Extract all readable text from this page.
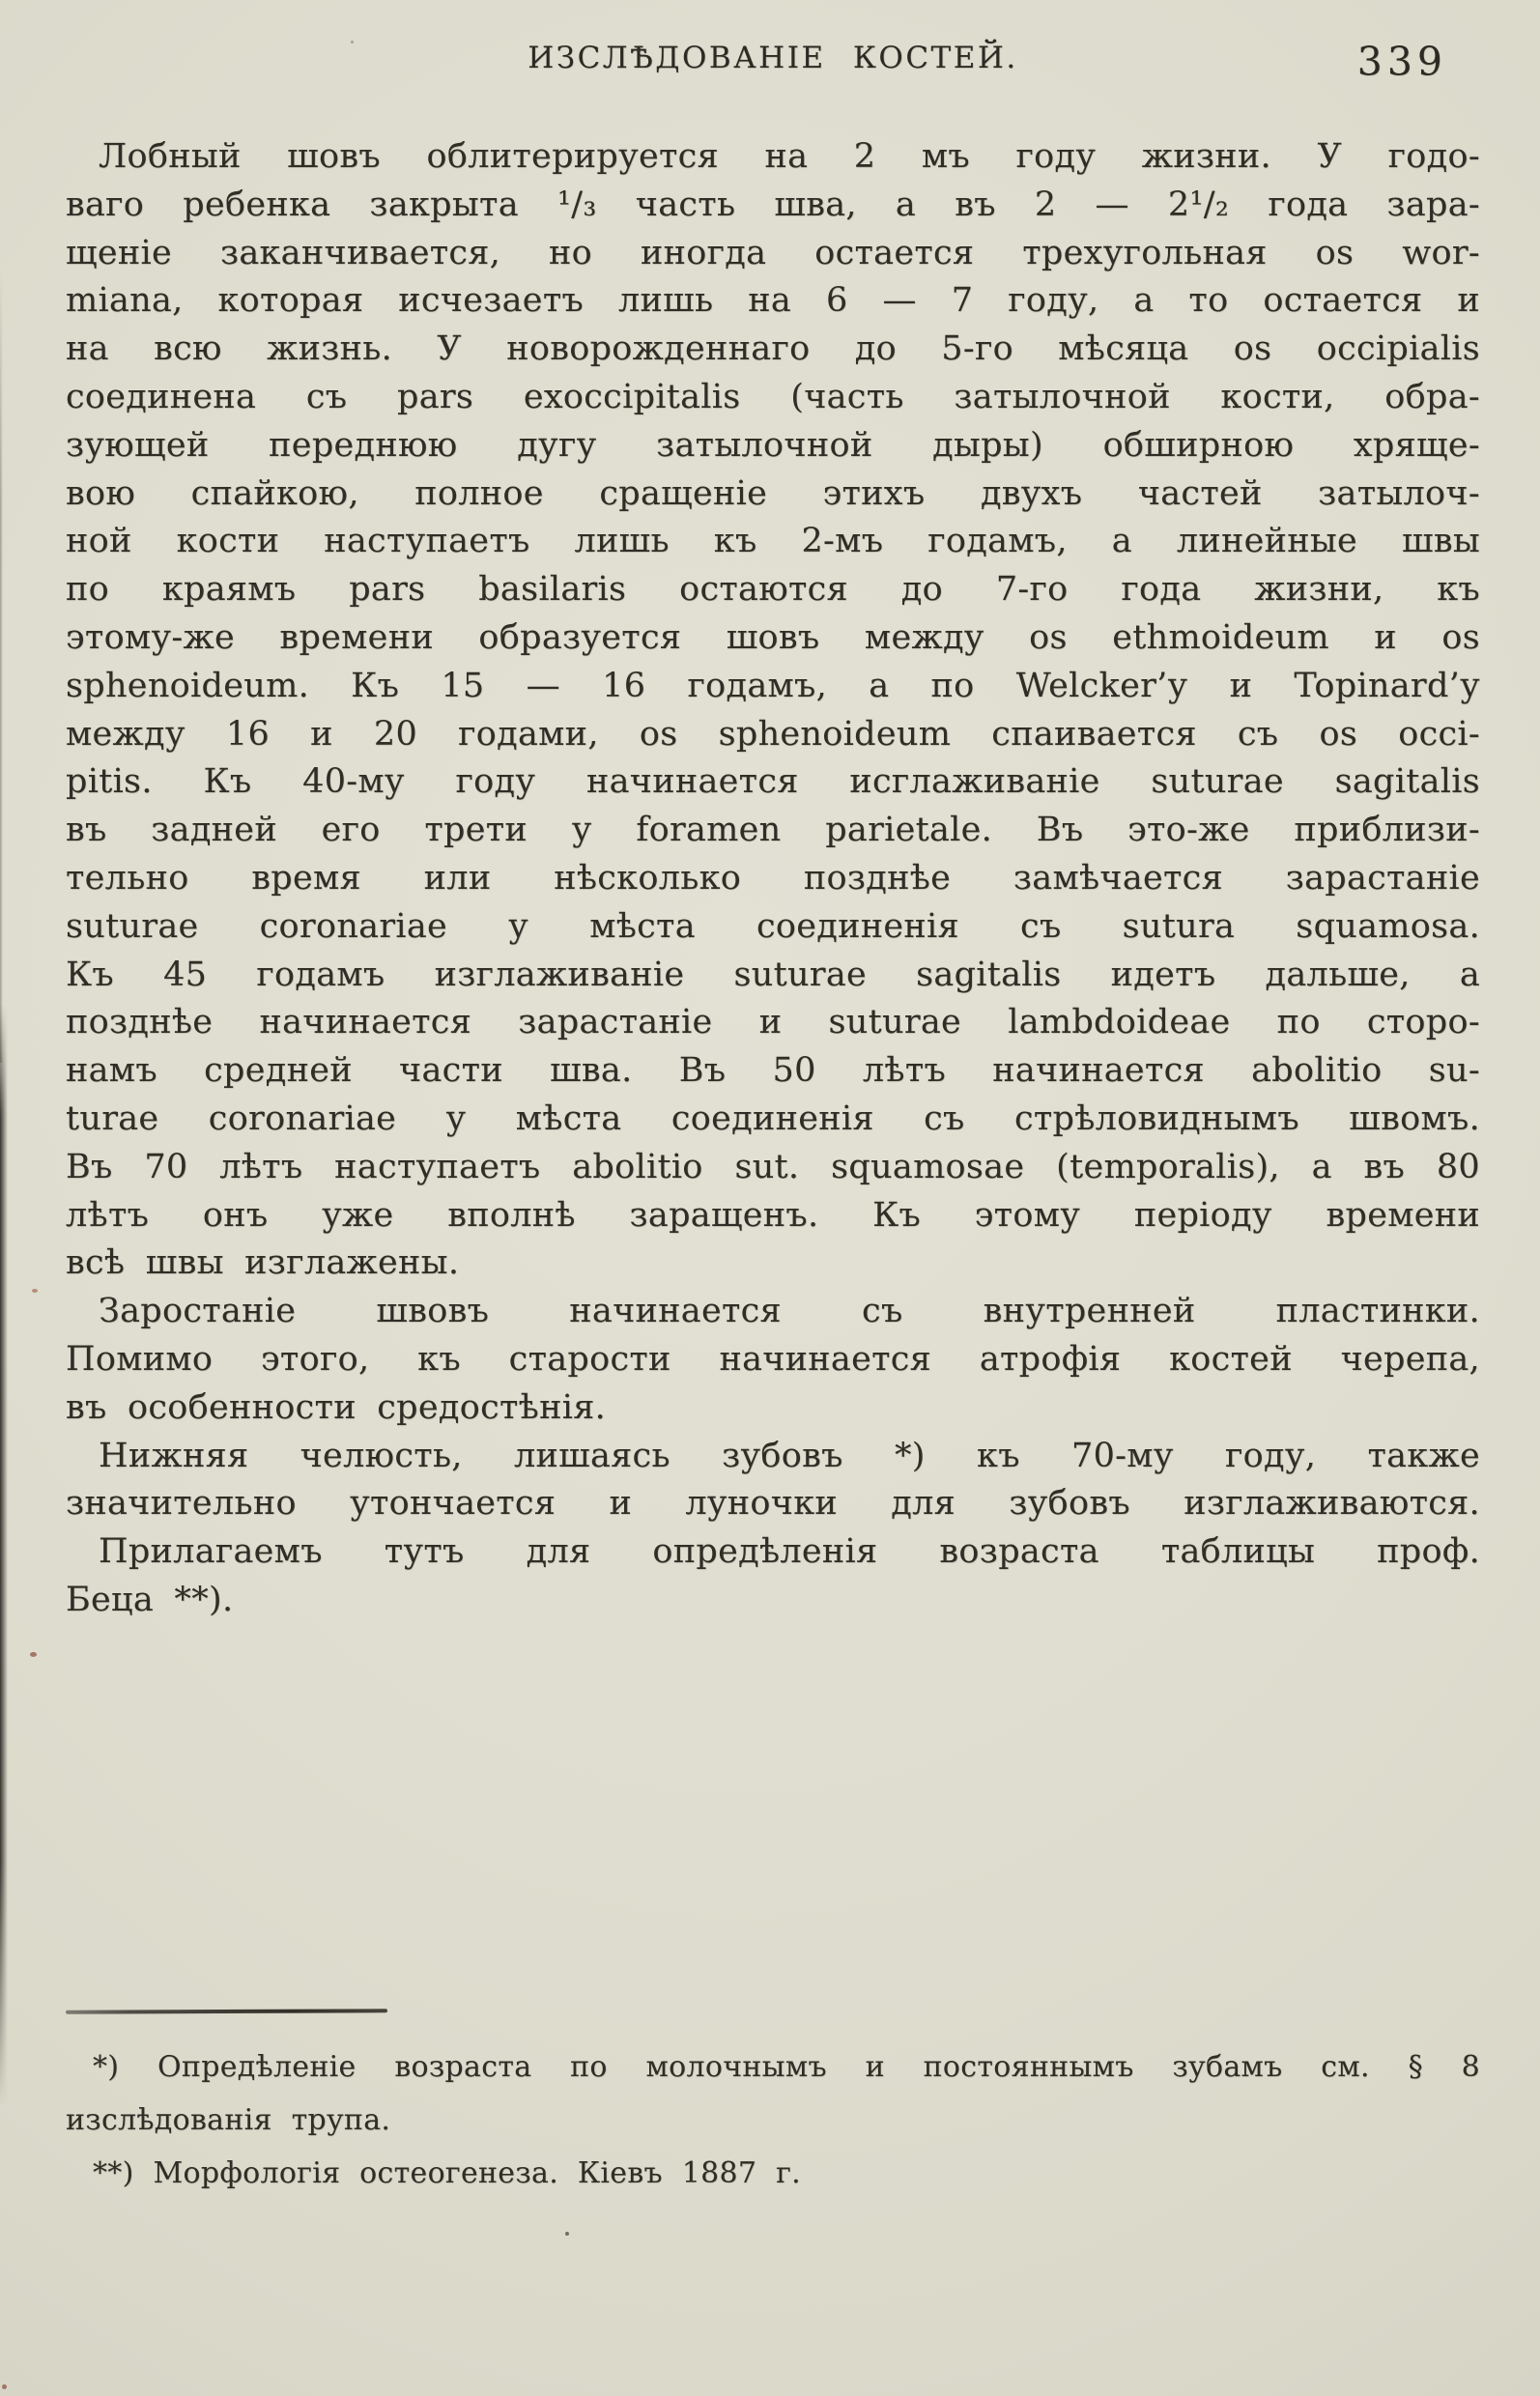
ИЗСЛѢДОВАНІЕ КОСТЕЙ.	339
Лобный шовъ облитерируется на 2 мъ году жизни. У годо-
ваго ребенка закрыта ¹/₃ часть шва, а въ 2 — 2¹/₂ года зара-
щеніе заканчивается, но иногда остается трехугольная os wor-
miana, которая исчезаетъ лишь на 6 — 7 году, а то остается и
на всю жизнь. У новорожденнаго до 5-го мѣсяца os occipialis
соединена съ pars exoccipitalis (часть затылочной кости, обра-
зующей переднюю дугу затылочной дыры) обширною хряще-
вою спайкою, полное сращеніе этихъ двухъ частей затылоч-
ной кости наступаетъ лишь къ 2-мъ годамъ, а линейные швы
по краямъ pars basilaris остаются до 7-го года жизни, къ
этому-же времени образуется шовъ между os ethmoideum и os
sphenoideum. Къ 15 — 16 годамъ, а по Welcker’у и Topinard’у
между 16 и 20 годами, os sphenoideum спаивается съ os occi-
pitis. Къ 40-му году начинается исглаживаніе suturae sagitalis
въ задней его трети у foramen parietale. Въ это-же приблизи-
тельно время или нѣсколько позднѣе замѣчается зарастаніе
suturae coronariae у мѣста соединенія съ sutura squamosa.
Къ 45 годамъ изглаживаніе suturae sagitalis идетъ дальше, а
позднѣе начинается зарастаніе и suturae lambdoideae по сторо-
намъ средней части шва. Въ 50 лѣтъ начинается abolitio su-
turae coronariae у мѣста соединенія съ стрѣловиднымъ швомъ.
Въ 70 лѣтъ наступаетъ abolitio sut. squamosae (temporalis), а въ 80
лѣтъ онъ уже вполнѣ заращенъ. Къ этому періоду времени
всѣ швы изглажены.
Заростаніе швовъ начинается съ внутренней пластинки.
Помимо этого, къ старости начинается атрофія костей черепа,
въ особенности средостѣнія.
Нижняя челюсть, лишаясь зубовъ *) къ 70-му году, также
значительно утончается и луночки для зубовъ изглаживаются.
Прилагаемъ тутъ для опредѣленія возраста таблицы проф.
Беца **).
*) Опредѣленіе возраста по молочнымъ и постояннымъ зубамъ см. § 8
изслѣдованія трупа.
**) Морфологія остеогенеза. Кіевъ 1887 г.
